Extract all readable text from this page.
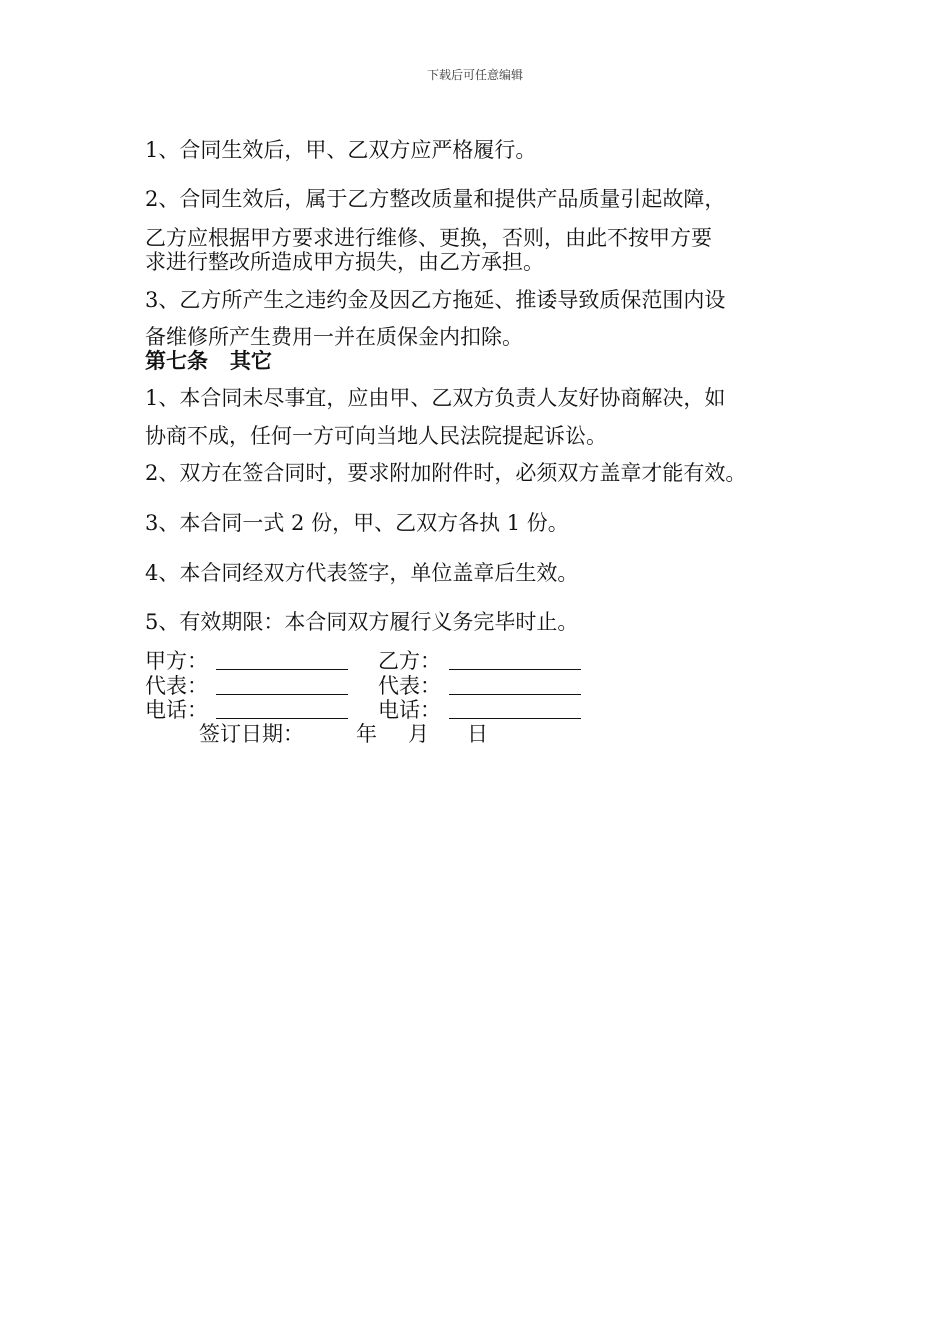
下载后可任意编辑
1、合同生效后，甲、乙双方应严格履行。
2、合同生效后，属于乙方整改质量和提供产品质量引起故障，
乙方应根据甲方要求进行维修、更换，否则，由此不按甲方要
求进行整改所造成甲方损失，由乙方承担。
3、乙方所产生之违约金及因乙方拖延、推诿导致质保范围内设
备维修所产生费用一并在质保金内扣除。
第七条   其它
1、本合同未尽事宜，应由甲、乙双方负责人友好协商解决，如
协商不成，任何一方可向当地人民法院提起诉讼。
2、双方在签合同时，要求附加附件时，必须双方盖章才能有效。
3、本合同一式 2 份，甲、乙双方各执 1 份。
4、本合同经双方代表签字，单位盖章后生效。
5、有效期限：本合同双方履行义务完毕时止。
甲方：	乙方：
代表：	代表：
电话：	电话：
签订日期： 年 月 日
